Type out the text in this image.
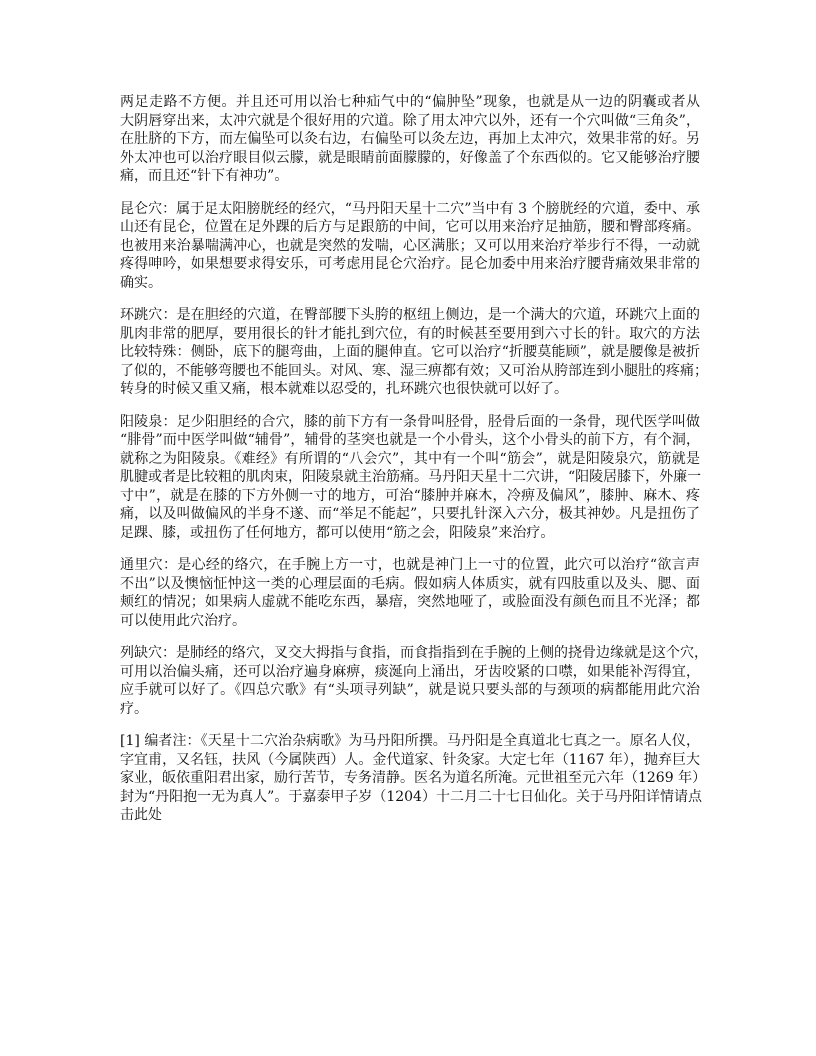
两足走路不方便。并且还可用以治七种疝气中的“偏肿坠”现象，也就是从一边的阴囊或者从
大阴唇穿出来，太冲穴就是个很好用的穴道。除了用太冲穴以外，还有一个穴叫做“三角灸”，
在肚脐的下方，而左偏坠可以灸右边，右偏坠可以灸左边，再加上太冲穴，效果非常的好。另
外太冲也可以治疗眼目似云朦，就是眼睛前面朦朦的，好像盖了个东西似的。它又能够治疗腰
痛，而且还“针下有神功”。
昆仑穴：属于足太阳膀胱经的经穴，“马丹阳天星十二穴”当中有 3 个膀胱经的穴道，委中、承
山还有昆仑，位置在足外踝的后方与足跟筋的中间，它可以用来治疗足抽筋，腰和臀部疼痛。
也被用来治暴喘满冲心，也就是突然的发喘，心区满胀；又可以用来治疗举步行不得，一动就
疼得呻吟，如果想要求得安乐，可考虑用昆仑穴治疗。昆仑加委中用来治疗腰背痛效果非常的
确实。
环跳穴：是在胆经的穴道，在臀部腰下头胯的枢纽上侧边，是一个满大的穴道，环跳穴上面的
肌肉非常的肥厚，要用很长的针才能扎到穴位，有的时候甚至要用到六寸长的针。取穴的方法
比较特殊：侧卧，底下的腿弯曲，上面的腿伸直。它可以治疗“折腰莫能顾”，就是腰像是被折
了似的，不能够弯腰也不能回头。对风、寒、湿三痹都有效；又可治从胯部连到小腿肚的疼痛；
转身的时候又重又痛，根本就难以忍受的，扎环跳穴也很快就可以好了。
阳陵泉：足少阳胆经的合穴，膝的前下方有一条骨叫胫骨，胫骨后面的一条骨，现代医学叫做
“腓骨”而中医学叫做“辅骨”，辅骨的茎突也就是一个小骨头，这个小骨头的前下方，有个洞，
就称之为阳陵泉。《难经》有所谓的“八会穴”，其中有一个叫“筋会”，就是阳陵泉穴，筋就是
肌腱或者是比较粗的肌肉束，阳陵泉就主治筋痛。马丹阳天星十二穴讲，“阳陵居膝下，外廉一
寸中”，就是在膝的下方外侧一寸的地方，可治“膝肿并麻木，冷痹及偏风”，膝肿、麻木、疼
痛，以及叫做偏风的半身不遂、而“举足不能起”，只要扎针深入六分，极其神妙。凡是扭伤了
足踝、膝，或扭伤了任何地方，都可以使用“筋之会，阳陵泉”来治疗。
通里穴：是心经的络穴，在手腕上方一寸，也就是神门上一寸的位置，此穴可以治疗“欲言声
不出”以及懊恼怔忡这一类的心理层面的毛病。假如病人体质实，就有四肢重以及头、腮、面
颊红的情况；如果病人虚就不能吃东西，暴瘖，突然地哑了，或脸面没有颜色而且不光泽；都
可以使用此穴治疗。
列缺穴：是肺经的络穴，叉交大拇指与食指，而食指指到在手腕的上侧的挠骨边缘就是这个穴，
可用以治偏头痛，还可以治疗遍身麻痹，痰涎向上涌出，牙齿咬紧的口噤，如果能补泻得宜，
应手就可以好了。《四总穴歌》有“头项寻列缺”，就是说只要头部的与颈项的病都能用此穴治
疗。
[1] 编者注：《天星十二穴治杂病歌》为马丹阳所撰。马丹阳是全真道北七真之一。原名人仪，
字宜甫，又名钰，扶风（今属陕西）人。金代道家、针灸家。大定七年（1167 年），抛弃巨大
家业，皈依重阳君出家，励行苦节，专务清静。医名为道名所淹。元世祖至元六年（1269 年）
封为“丹阳抱一无为真人”。于嘉泰甲子岁（1204）十二月二十七日仙化。关于马丹阳详情请点
击此处
